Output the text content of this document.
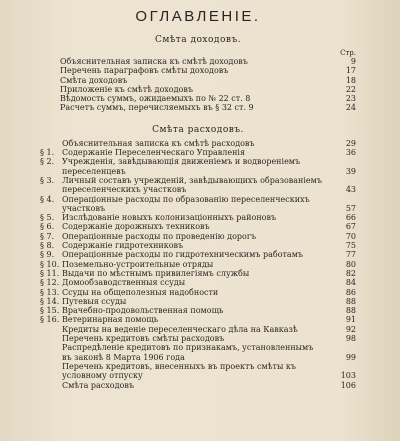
ОГЛАВЛЕНІЕ.
Смѣта доходовъ.
Стр.
Объяснительная записка къ смѣтѣ доходовъ	9
Перечень параграфовъ смѣты доходовъ	17
Смѣта доходовъ	18
Приложеніе къ смѣтѣ доходовъ	22
Вѣдомость суммъ, ожидаемыхъ по № 22 ст. 8	23
Расчетъ суммъ, перечисляемыхъ въ § 32 ст. 9	24
Смѣта расходовъ.
Объяснительная записка къ смѣтѣ расходовъ	29
§ 1. Содержаніе Переселенческаго Управленія	36
§ 2. Учрежденія, завѣдывающія движеніемъ и водвореніемъ переселенцевъ	39
§ 3. Личный составъ учрежденій, завѣдывающихъ образованіемъ переселенческихъ участковъ	43
§ 4. Операціонные расходы по образованію переселенческихъ участковъ	57
§ 5. Изслѣдованіе новыхъ колонизаціонныхъ районовъ	66
§ 6. Содержаніе дорожныхъ техниковъ	67
§ 7. Операціонные расходы по проведенію дорогъ	70
§ 8. Содержаніе гидротехниковъ	75
§ 9. Операціонные расходы по гидротехническимъ работамъ	77
§ 10. Поземельно-устроительные отряды	80
§ 11. Выдачи по мѣстнымъ привилегіямъ службы	82
§ 12. Домообзаводственныя ссуды	84
§ 13. Ссуды на общеполезныя надобности	86
§ 14. Путевыя ссуды	88
§ 15. Врачебно-продовольственная помощь	88
§ 16. Ветеринарная помощь	91
Кредиты на веденіе переселенческаго дѣла на Кавказѣ	92
Перечень кредитовъ смѣты расходовъ	98
Распредѣленіе кредитовъ по признакамъ, установленнымъ въ законѣ 8 Марта 1906 года	99
Перечень кредитовъ, внесенныхъ въ проектъ смѣты къ условному отпуску	103
Смѣта расходовъ	106
